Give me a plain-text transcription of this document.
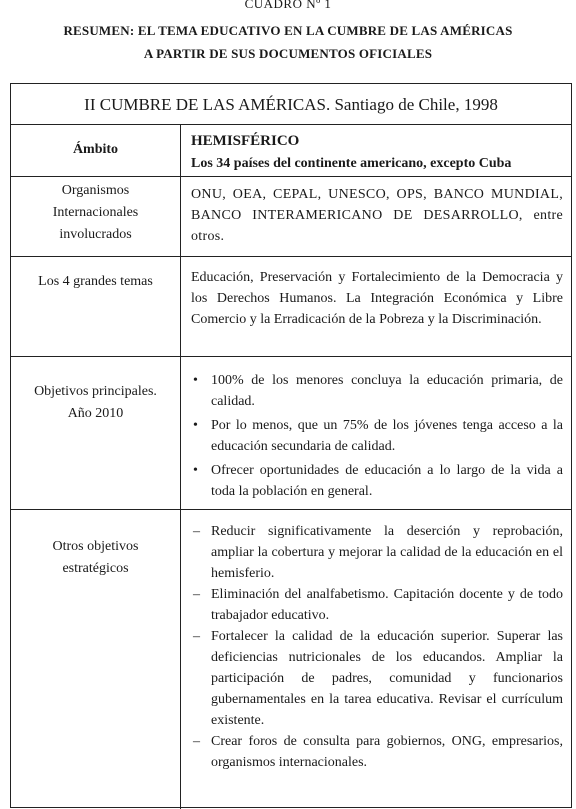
CUADRO Nº 1
RESUMEN: EL TEMA EDUCATIVO EN LA CUMBRE DE LAS AMÉRICAS
A PARTIR DE SUS DOCUMENTOS OFICIALES
II CUMBRE DE LAS AMÉRICAS. Santiago de Chile, 1998
Ámbito
HEMISFÉRICO
Los 34 países del continente americano, excepto Cuba
Organismos
Internacionales
involucrados

ONU, OEA, CEPAL, UNESCO, OPS, BANCO MUNDIAL, BANCO INTERAMERICANO DE DESARROLLO, entre otros.

Los 4 grandes temas	Educación, Preservación y Fortalecimiento de la Democracia y los Derechos Humanos. La Integración Económica y Libre Comercio y la Erradicación de la Pobreza y la Discriminación.

Objetivos principales.
Año 2010
• 100% de los menores concluya la educación primaria, de calidad.
• Por lo menos, que un 75% de los jóvenes tenga acceso a la educación secundaria de calidad.
• Ofrecer oportunidades de educación a lo largo de la vida a toda la población en general.
Otros objetivos
estratégicos
– Reducir significativamente la deserción y reprobación, ampliar la cobertura y mejorar la calidad de la educación en el hemisferio.
– Eliminación del analfabetismo. Capitación docente y de todo trabajador educativo.
– Fortalecer la calidad de la educación superior. Superar las deficiencias nutricionales de los educandos. Ampliar la participación de padres, comunidad y funcionarios gubernamentales en la tarea educativa. Revisar el currículum existente.
– Crear foros de consulta para gobiernos, ONG, empresarios, organismos internacionales.
